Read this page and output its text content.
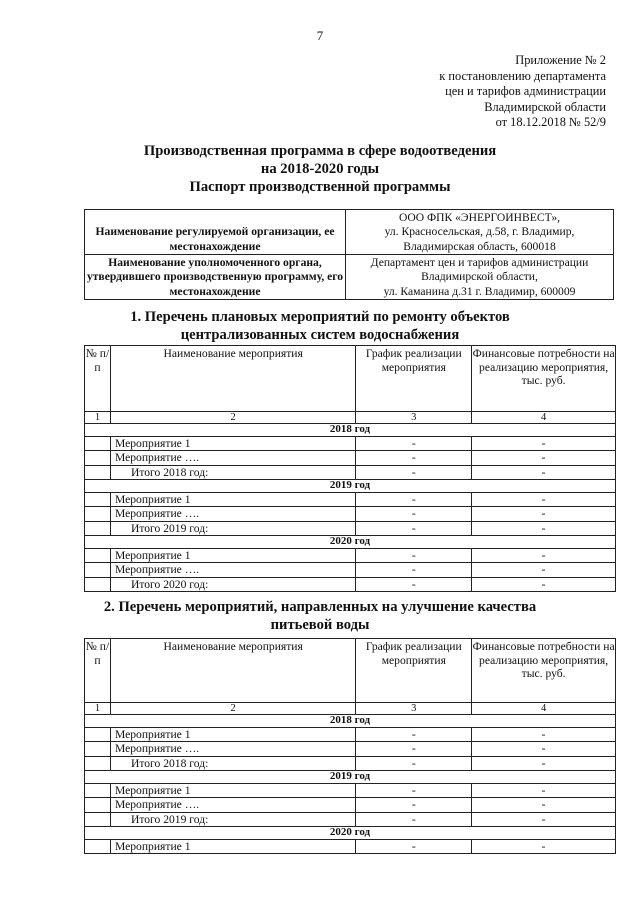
7
Приложение № 2
к постановлению департамента
цен и тарифов администрации
Владимирской области
от 18.12.2018 № 52/9
Производственная программа в сфере водоотведения
на 2018-2020 годы
Паспорт производственной программы
Наименование регулируемой организации, ее местонахождение	ООО ФПК «ЭНЕРГОИНВЕСТ»,
ул. Красносельская, д.58, г. Владимир,
Владимирская область, 600018

Наименование уполномоченного органа, утвердившего производственную программу, его местонахождение	Департамент цен и тарифов администрации
Владимирской области,
ул. Каманина д.31 г. Владимир, 600009
1. Перечень плановых мероприятий по ремонту объектов
централизованных систем водоснабжения
№ п/п	Наименование мероприятия	График реализации мероприятия	Финансовые потребности на реализацию мероприятия, тыс. руб.
1	2	3	4
2018 год			
	Мероприятие 1	-	-
	Мероприятие ….	-	-
	Итого 2018 год:	-	-
2019 год			
	Мероприятие 1	-	-
	Мероприятие ….	-	-
	Итого 2019 год:	-	-
2020 год			
	Мероприятие 1	-	-
	Мероприятие ….	-	-
	Итого 2020 год:	-	-
2. Перечень мероприятий, направленных на улучшение качества
питьевой воды
№ п/п	Наименование мероприятия	График реализации мероприятия	Финансовые потребности на реализацию мероприятия, тыс. руб.
1	2	3	4
2018 год			
	Мероприятие 1	-	-
	Мероприятие ….	-	-
	Итого 2018 год:	-	-
2019 год			
	Мероприятие 1	-	-
	Мероприятие ….	-	-
	Итого 2019 год:	-	-
2020 год			
	Мероприятие 1	-	-
